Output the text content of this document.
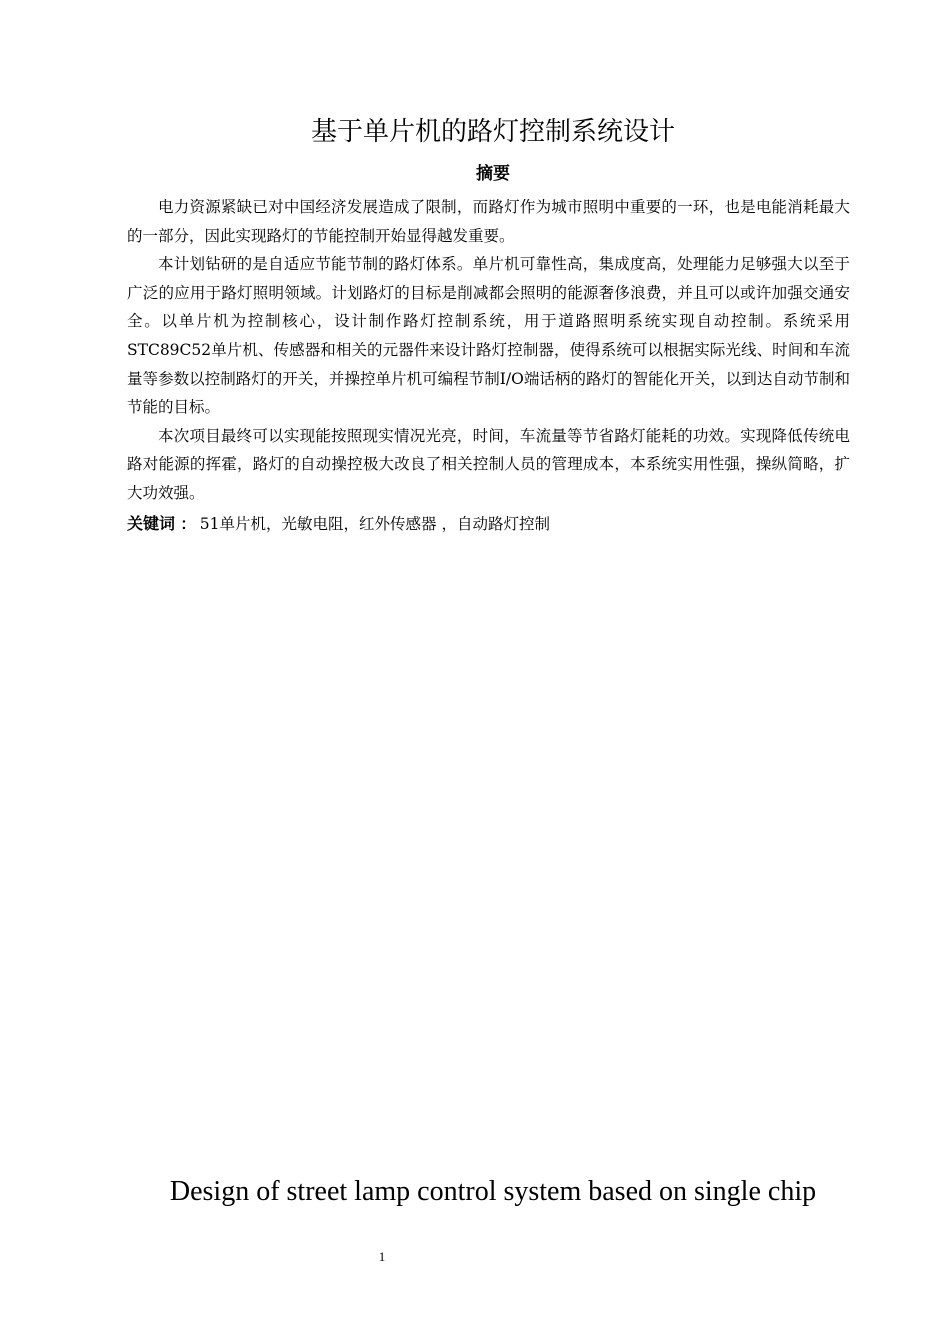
基于单片机的路灯控制系统设计
摘要

电力资源紧缺已对中国经济发展造成了限制，而路灯作为城市照明中重要的一环，也是电能消耗最大的一部分，因此实现路灯的节能控制开始显得越发重要。

本计划钻研的是自适应节能节制的路灯体系。单片机可靠性高，集成度高，处理能力足够强大以至于广泛的应用于路灯照明领域。计划路灯的目标是削减都会照明的能源奢侈浪费，并且可以或许加强交通安全。以单片机为控制核心，设计制作路灯控制系统，用于道路照明系统实现自动控制。系统采用STC89C52单片机、传感器和相关的元器件来设计路灯控制器，使得系统可以根据实际光线、时间和车流量等参数以控制路灯的开关，并操控单片机可编程节制I/O端话柄的路灯的智能化开关，以到达自动节制和节能的目标。

本次项目最终可以实现能按照现实情况光亮，时间，车流量等节省路灯能耗的功效。实现降低传统电路对能源的挥霍，路灯的自动操控极大改良了相关控制人员的管理成本，本系统实用性强，操纵简略，扩大功效强。

关键词 ： 51单片机，光敏电阻，红外传感器 ，自动路灯控制
Design of street lamp control system based on single chip
1
